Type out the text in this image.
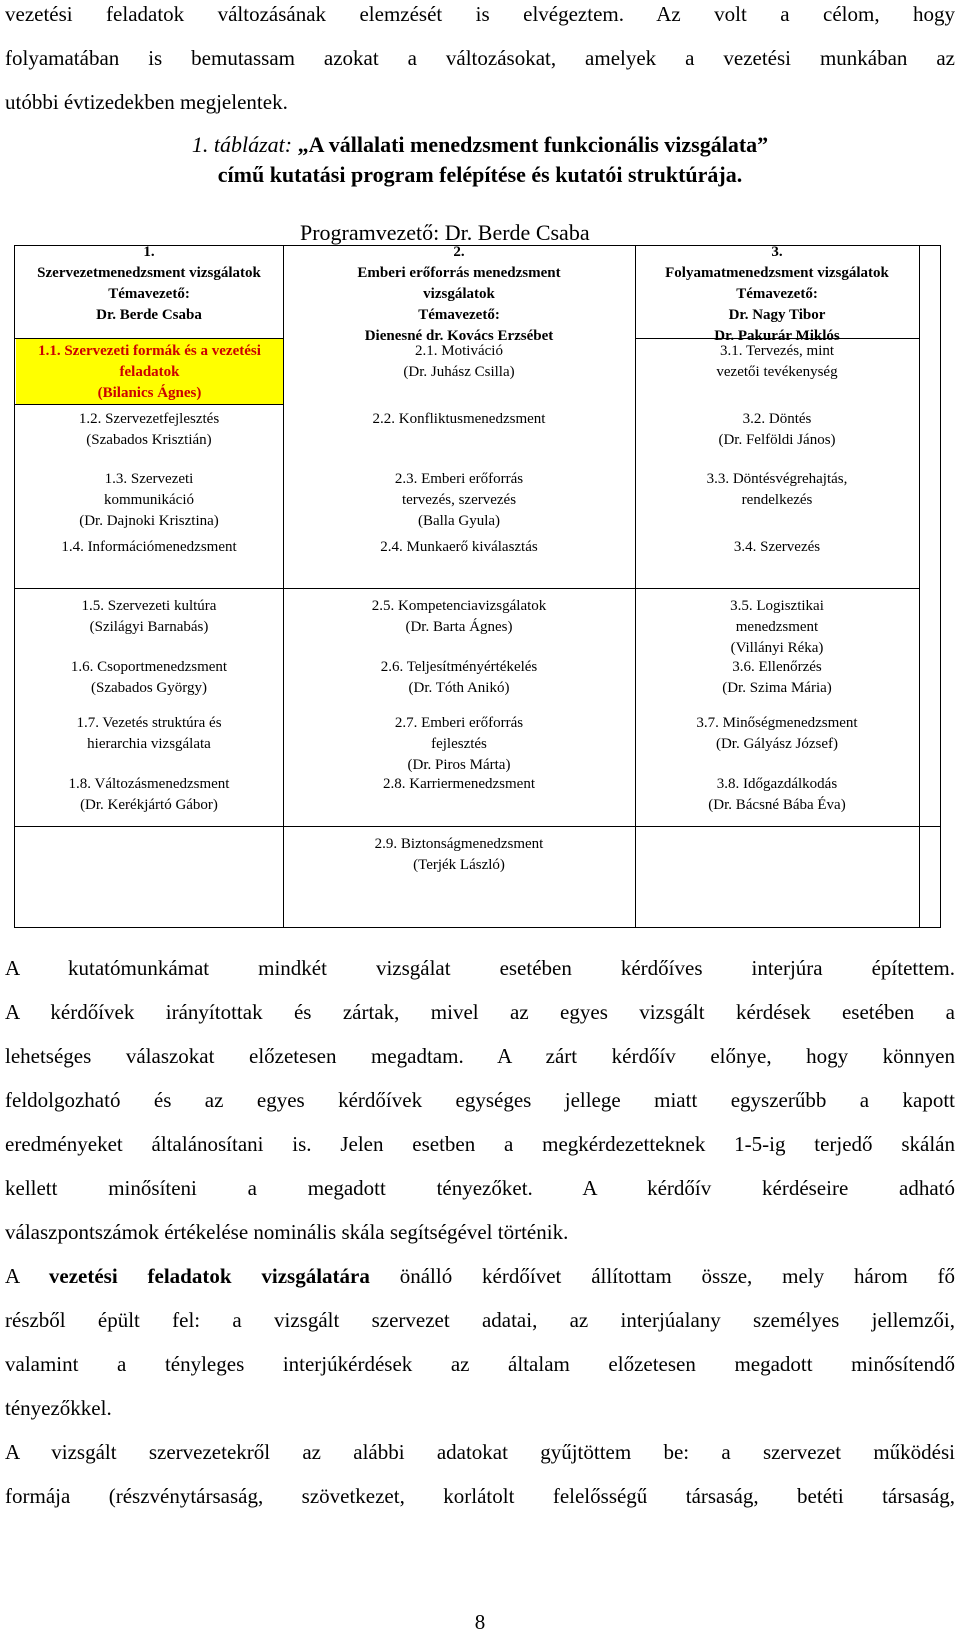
vezetési feladatok változásának elemzését is elvégeztem. Az volt a célom, hogy
folyamatában is bemutassam azokat a változásokat, amelyek a vezetési munkában az
utóbbi évtizedekben megjelentek.
1. táblázat: „A vállalati menedzsment funkcionális vizsgálata”
című kutatási program felépítése és kutatói struktúrája.
Programvezető: Dr. Berde Csaba
1.1. Szervezeti formák és a vezetési
feladatok
(Bilanics Ágnes)
1.
Szervezetmenedzsment vizsgálatok
Témavezető:
Dr. Berde Csaba
2.
Emberi erőforrás menedzsment
vizsgálatok
Témavezető:
Dienesné dr. Kovács Erzsébet
3.
Folyamatmenedzsment vizsgálatok
Témavezető:
Dr. Nagy Tibor
Dr. Pakurár Miklós
1.2. Szervezetfejlesztés
(Szabados Krisztián)
1.3. Szervezeti
kommunikáció
(Dr. Dajnoki Krisztina)
1.4. Információmenedzsment
1.5. Szervezeti kultúra
(Szilágyi Barnabás)
1.6. Csoportmenedzsment
(Szabados György)
1.7. Vezetés struktúra és
hierarchia vizsgálata
1.8. Változásmenedzsment
(Dr. Kerékjártó Gábor)
2.1. Motiváció
(Dr. Juhász Csilla)
2.2. Konfliktusmenedzsment
2.3. Emberi erőforrás
tervezés, szervezés
(Balla Gyula)
2.4. Munkaerő kiválasztás
2.5. Kompetenciavizsgálatok
(Dr. Barta Ágnes)
2.6. Teljesítményértékelés
(Dr. Tóth Anikó)
2.7. Emberi erőforrás
fejlesztés
(Dr. Piros Márta)
2.8. Karriermenedzsment
2.9. Biztonságmenedzsment
(Terjék László)
3.1. Tervezés, mint
vezetői tevékenység
3.2. Döntés
(Dr. Felföldi János)
3.3. Döntésvégrehajtás,
rendelkezés
3.4. Szervezés
3.5. Logisztikai
menedzsment
(Villányi Réka)
3.6. Ellenőrzés
(Dr. Szima Mária)
3.7. Minőségmenedzsment
(Dr. Gályász József)
3.8. Időgazdálkodás
(Dr. Bácsné Bába Éva)
A kutatómunkámat mindkét vizsgálat esetében kérdőíves interjúra építettem.
A kérdőívek irányítottak és zártak, mivel az egyes vizsgált kérdések esetében a
lehetséges válaszokat előzetesen megadtam. A zárt kérdőív előnye, hogy könnyen
feldolgozható és az egyes kérdőívek egységes jellege miatt egyszerűbb a kapott
eredményeket általánosítani is. Jelen esetben a megkérdezetteknek 1-5-ig terjedő skálán
kellett minősíteni a megadott tényezőket. A kérdőív kérdéseire adható
válaszpontszámok értékelése nominális skála segítségével történik.
A vezetési feladatok vizsgálatára önálló kérdőívet állítottam össze, mely három fő
részből épült fel: a vizsgált szervezet adatai, az interjúalany személyes jellemzői,
valamint a tényleges interjúkérdések az általam előzetesen megadott minősítendő
tényezőkkel.
A vizsgált szervezetekről az alábbi adatokat gyűjtöttem be: a szervezet működési
formája (részvénytársaság, szövetkezet, korlátolt felelősségű társaság, betéti társaság,
8
